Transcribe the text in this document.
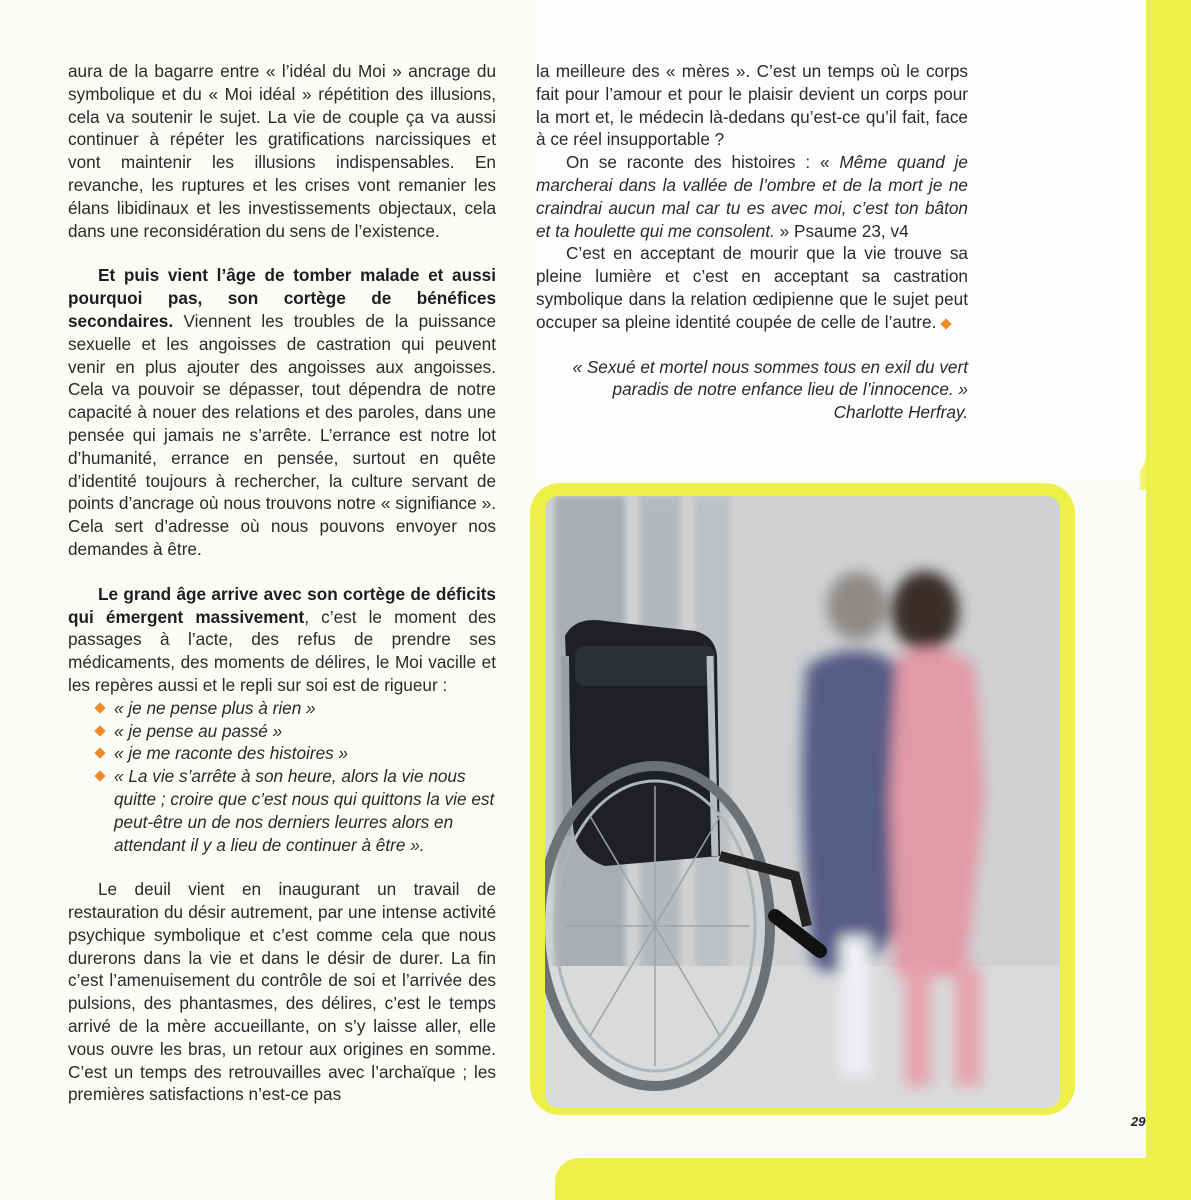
aura de la bagarre entre « l’idéal du Moi » ancrage du symbolique et du « Moi idéal » répétition des illusions, cela va soutenir le sujet. La vie de couple ça va aussi continuer à répéter les gratifications narcissiques et vont maintenir les illusions indispensables. En revanche, les ruptures et les crises vont remanier les élans libidinaux et les investissements objectaux, cela dans une reconsidération du sens de l’existence.

Et puis vient l’âge de tomber malade et aussi pourquoi pas, son cortège de bénéfices secondaires. Viennent les troubles de la puissance sexuelle et les angoisses de castration qui peuvent venir en plus ajouter des angoisses aux angoisses. Cela va pouvoir se dépasser, tout dépendra de notre capacité à nouer des relations et des paroles, dans une pensée qui jamais ne s’arrête. L’errance est notre lot d’humanité, errance en pensée, surtout en quête d’identité toujours à rechercher, la culture servant de points d’ancrage où nous trouvons notre « signifiance ». Cela sert d’adresse où nous pouvons envoyer nos demandes à être.

Le grand âge arrive avec son cortège de déficits qui émergent massivement, c’est le moment des passages à l’acte, des refus de prendre ses médicaments, des moments de délires, le Moi vacille et les repères aussi et le repli sur soi est de rigueur :

« je ne pense plus à rien »
« je pense au passé »
« je me raconte des histoires »
« La vie s’arrête à son heure, alors la vie nous quitte ; croire que c’est nous qui quittons la vie est peut-être un de nos derniers leurres alors en attendant il y a lieu de continuer à être ».

Le deuil vient en inaugurant un travail de restauration du désir autrement, par une intense activité psychique symbolique et c’est comme cela que nous durerons dans la vie et dans le désir de durer. La fin c’est l’amenuisement du contrôle de soi et l’arrivée des pulsions, des phantasmes, des délires, c’est le temps arrivé de la mère accueillante, on s’y laisse aller, elle vous ouvre les bras, un retour aux origines en somme. C’est un temps des retrouvailles avec l’archaïque ; les premières satisfactions n’est-ce pas

la meilleure des « mères ». C’est un temps où le corps fait pour l’amour et pour le plaisir devient un corps pour la mort et, le médecin là-dedans qu’est-ce qu’il fait, face à ce réel insupportable ?

On se raconte des histoires : « Même quand je marcherai dans la vallée de l’ombre et de la mort je ne craindrai aucun mal car tu es avec moi, c’est ton bâton et ta houlette qui me consolent. » Psaume 23, v4

C’est en acceptant de mourir que la vie trouve sa pleine lumière et c’est en acceptant sa castration symbolique dans la relation œdipienne que le sujet peut occuper sa pleine identité coupée de celle de l’autre.

« Sexué et mortel nous sommes tous en exil du vert paradis de notre enfance lieu de l’innocence. »

Charlotte Herfray.

29
